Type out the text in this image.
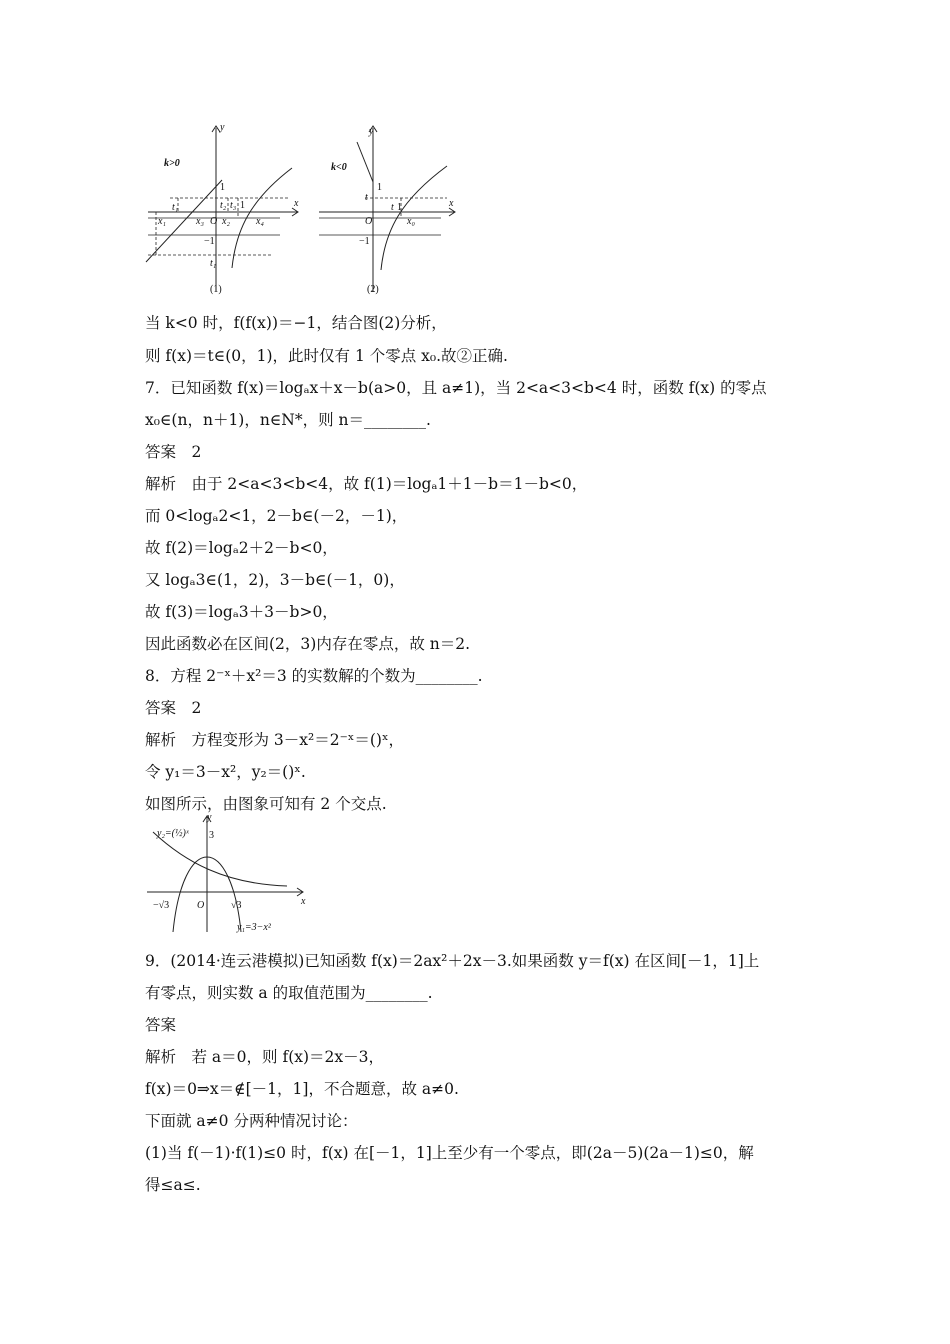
y
x
k>0
1
t₁	t₂ t₃ 1
x₁	x₃ O x₂	x₄
−1
t₁
(1)
y
x
k<0
1
t
t 1
O	x₀
−1
(2)
当 k<0 时，f(f(x))＝−1，结合图(2)分析，
则 f(x)＝t∈(0，1)，此时仅有 1 个零点 x₀.故②正确.
7．已知函数 f(x)＝logₐx＋x－b(a>0，且 a≠1)，当 2<a<3<b<4 时，函数 f(x) 的零点
x₀∈(n，n＋1)，n∈N*，则 n＝________.
答案　2
解析　由于 2<a<3<b<4，故 f(1)＝logₐ1＋1－b＝1－b<0，
而 0<logₐ2<1，2－b∈(－2，－1)，
故 f(2)＝logₐ2＋2－b<0，
又 logₐ3∈(1，2)，3－b∈(－1，0)，
故 f(3)＝logₐ3＋3－b>0，
因此函数必在区间(2，3)内存在零点，故 n＝2.
8．方程 2⁻ˣ＋x²＝3 的实数解的个数为________.
答案　2
解析　方程变形为 3－x²＝2⁻ˣ＝()ˣ，
令 y₁＝3－x²，y₂＝()ˣ.
如图所示，由图象可知有 2 个交点.
y
x
y₂=(½)ˣ 3
−√3	O	√3
y₁=3−x²
9．(2014·连云港模拟)已知函数 f(x)＝2ax²＋2x－3.如果函数 y＝f(x) 在区间[－1，1]上
有零点，则实数 a 的取值范围为________.
答案
解析　若 a＝0，则 f(x)＝2x－3，
f(x)＝0⇒x＝∉[－1，1]，不合题意，故 a≠0.
下面就 a≠0 分两种情况讨论：
(1)当 f(－1)·f(1)≤0 时，f(x) 在[－1，1]上至少有一个零点，即(2a－5)(2a－1)≤0，解
得≤a≤.
